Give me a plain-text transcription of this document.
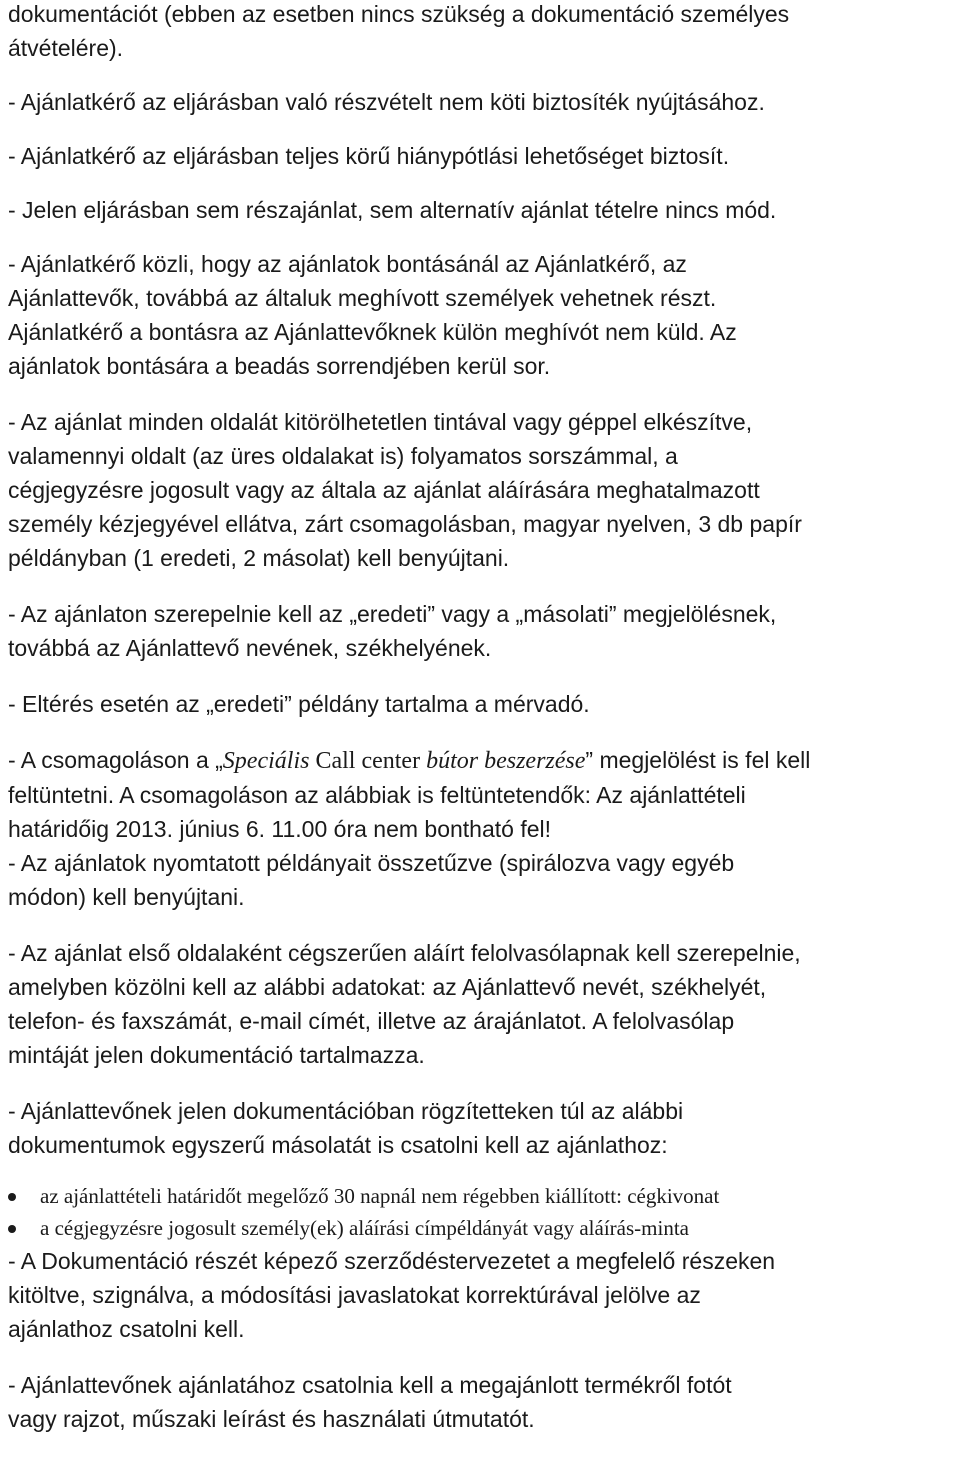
dokumentációt (ebben az esetben nincs szükség a dokumentáció személyes

átvételére).

- Ajánlatkérő az eljárásban való részvételt nem köti biztosíték nyújtásához.

- Ajánlatkérő az eljárásban teljes körű hiánypótlási lehetőséget biztosít.

- Jelen eljárásban sem részajánlat, sem alternatív ajánlat tételre nincs mód.

- Ajánlatkérő közli, hogy az ajánlatok bontásánál az Ajánlatkérő, az

Ajánlattevők, továbbá az általuk meghívott személyek vehetnek részt.

Ajánlatkérő a bontásra az Ajánlattevőknek külön meghívót nem küld. Az

ajánlatok bontására a beadás sorrendjében kerül sor.

- Az ajánlat minden oldalát kitörölhetetlen tintával vagy géppel elkészítve,

valamennyi oldalt (az üres oldalakat is) folyamatos sorszámmal, a

cégjegyzésre jogosult vagy az általa az ajánlat aláírására meghatalmazott

személy kézjegyével ellátva, zárt csomagolásban, magyar nyelven, 3 db papír

példányban (1 eredeti, 2 másolat) kell benyújtani.

- Az ajánlaton szerepelnie kell az „eredeti” vagy a „másolati” megjelölésnek,

továbbá az Ajánlattevő nevének, székhelyének.

- Eltérés esetén az „eredeti” példány tartalma a mérvadó.

- A csomagoláson a „Speciális Call center bútor beszerzése” megjelölést is fel kell

feltüntetni. A csomagoláson az alábbiak is feltüntetendők: Az ajánlattételi

határidőig 2013. június 6. 11.00 óra nem bontható fel!

- Az ajánlatok nyomtatott példányait összetűzve (spirálozva vagy egyéb

módon) kell benyújtani.

- Az ajánlat első oldalaként cégszerűen aláírt felolvasólapnak kell szerepelnie,

amelyben közölni kell az alábbi adatokat: az Ajánlattevő nevét, székhelyét,

telefon- és faxszámát, e-mail címét, illetve az árajánlatot. A felolvasólap

mintáját jelen dokumentáció tartalmazza.

- Ajánlattevőnek jelen dokumentációban rögzítetteken túl az alábbi

dokumentumok egyszerű másolatát is csatolni kell az ajánlathoz:

az ajánlattételi határidőt megelőző 30 napnál nem régebben kiállított: cégkivonat
a cégjegyzésre jogosult személy(ek) aláírási címpéldányát vagy aláírás-minta

- A Dokumentáció részét képező szerződéstervezetet a megfelelő részeken

kitöltve, szignálva, a módosítási javaslatokat korrektúrával jelölve az

ajánlathoz csatolni kell.

- Ajánlattevőnek ajánlatához csatolnia kell a megajánlott termékről fotót

vagy rajzot, műszaki leírást és használati útmutatót.
